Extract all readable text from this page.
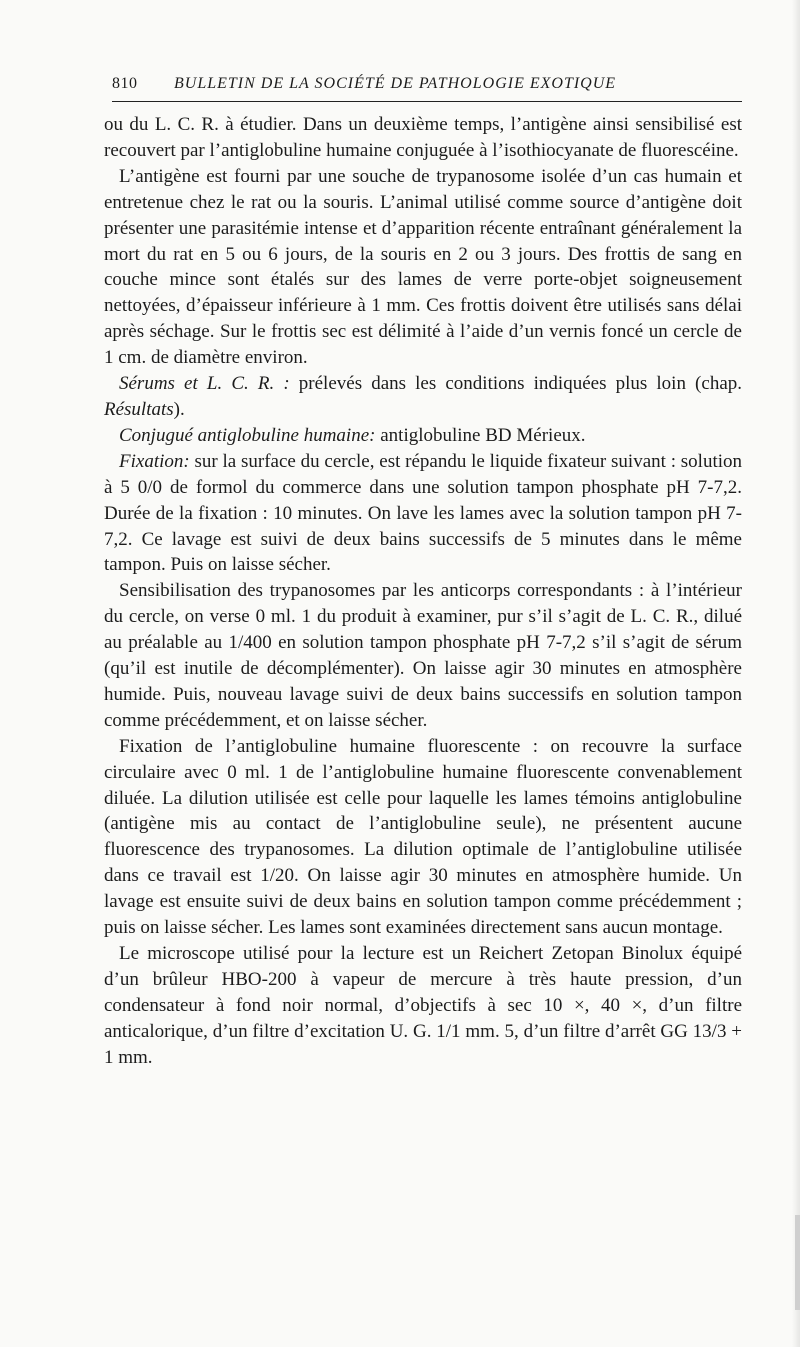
810 BULLETIN DE LA SOCIÉTÉ DE PATHOLOGIE EXOTIQUE

ou du L. C. R. à étudier. Dans un deuxième temps, l’antigène ainsi sensibilisé est recouvert par l’antiglobuline humaine conjuguée à l’isothiocyanate de fluorescéine.

L’antigène est fourni par une souche de trypanosome isolée d’un cas humain et entretenue chez le rat ou la souris. L’animal utilisé comme source d’antigène doit présenter une parasitémie intense et d’apparition récente entraînant généralement la mort du rat en 5 ou 6 jours, de la souris en 2 ou 3 jours. Des frottis de sang en couche mince sont étalés sur des lames de verre porte-objet soigneusement nettoyées, d’épaisseur inférieure à 1 mm. Ces frottis doivent être utilisés sans délai après séchage. Sur le frottis sec est délimité à l’aide d’un vernis foncé un cercle de 1 cm. de diamètre environ.

Sérums et L. C. R. : prélevés dans les conditions indiquées plus loin (chap. Résultats).

Conjugué antiglobuline humaine: antiglobuline BD Mérieux.

Fixation: sur la surface du cercle, est répandu le liquide fixateur suivant : solution à 5 0/0 de formol du commerce dans une solution tampon phosphate pH 7-7,2. Durée de la fixation : 10 minutes. On lave les lames avec la solution tampon pH 7-7,2. Ce lavage est suivi de deux bains successifs de 5 minutes dans le même tampon. Puis on laisse sécher.

Sensibilisation des trypanosomes par les anticorps correspondants : à l’intérieur du cercle, on verse 0 ml. 1 du produit à examiner, pur s’il s’agit de L. C. R., dilué au préalable au 1/400 en solution tampon phosphate pH 7-7,2 s’il s’agit de sérum (qu’il est inutile de décomplémenter). On laisse agir 30 minutes en atmosphère humide. Puis, nouveau lavage suivi de deux bains successifs en solution tampon comme précédemment, et on laisse sécher.

Fixation de l’antiglobuline humaine fluorescente : on recouvre la surface circulaire avec 0 ml. 1 de l’antiglobuline humaine fluorescente convenablement diluée. La dilution utilisée est celle pour laquelle les lames témoins antiglobuline (antigène mis au contact de l’antiglobuline seule), ne présentent aucune fluorescence des trypanosomes. La dilution optimale de l’antiglobuline utilisée dans ce travail est 1/20. On laisse agir 30 minutes en atmosphère humide. Un lavage est ensuite suivi de deux bains en solution tampon comme précédemment ; puis on laisse sécher. Les lames sont examinées directement sans aucun montage.

Le microscope utilisé pour la lecture est un Reichert Zetopan Binolux équipé d’un brûleur HBO-200 à vapeur de mercure à très haute pression, d’un condensateur à fond noir normal, d’objectifs à sec 10 ×, 40 ×, d’un filtre anticalorique, d’un filtre d’excitation U. G. 1/1 mm. 5, d’un filtre d’arrêt GG 13/3 + 1 mm.
